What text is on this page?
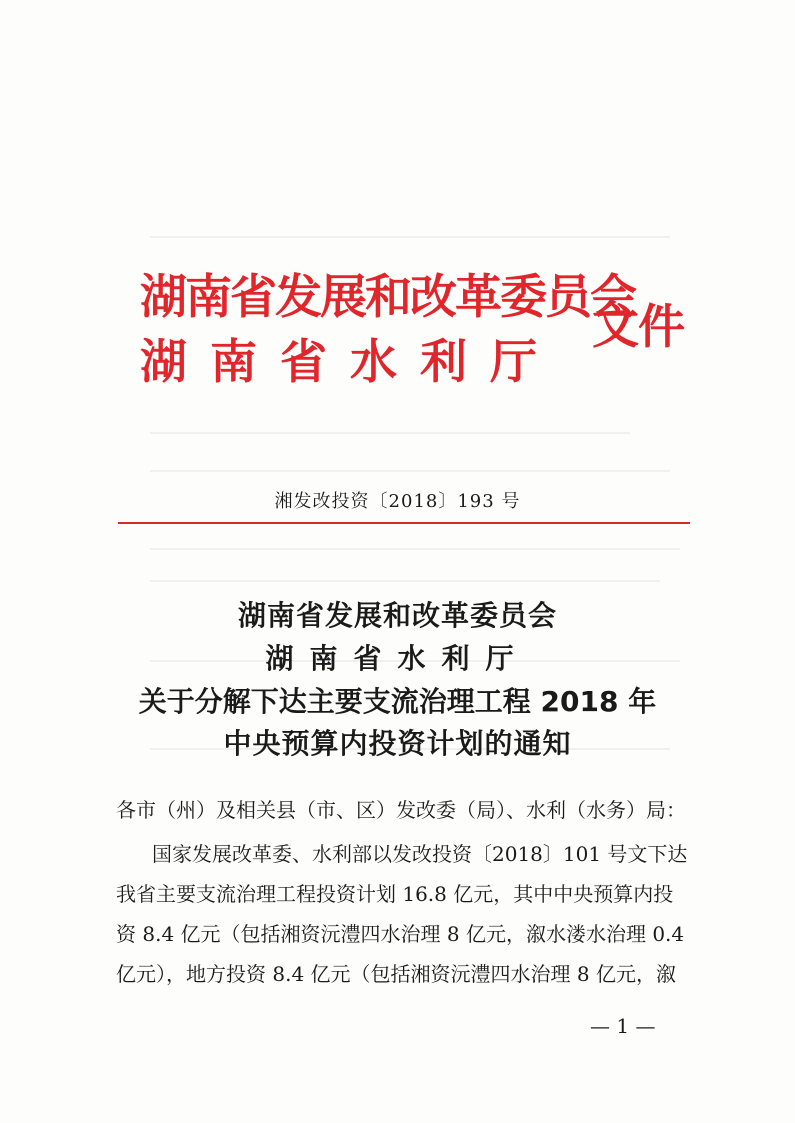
湖南省发展和改革委员会
湖南省水利厅
文件
湘发改投资〔2018〕193 号
湖南省发展和改革委员会
湖南省水利厅
关于分解下达主要支流治理工程 2018 年
中央预算内投资计划的通知
各市（州）及相关县（市、区）发改委（局）、水利（水务）局：
国家发展改革委、水利部以发改投资〔2018〕101 号文下达
我省主要支流治理工程投资计划 16.8 亿元，其中中央预算内投
资 8.4 亿元（包括湘资沅澧四水治理 8 亿元，溆水溇水治理 0.4
亿元），地方投资 8.4 亿元（包括湘资沅澧四水治理 8 亿元，溆
— 1 —
